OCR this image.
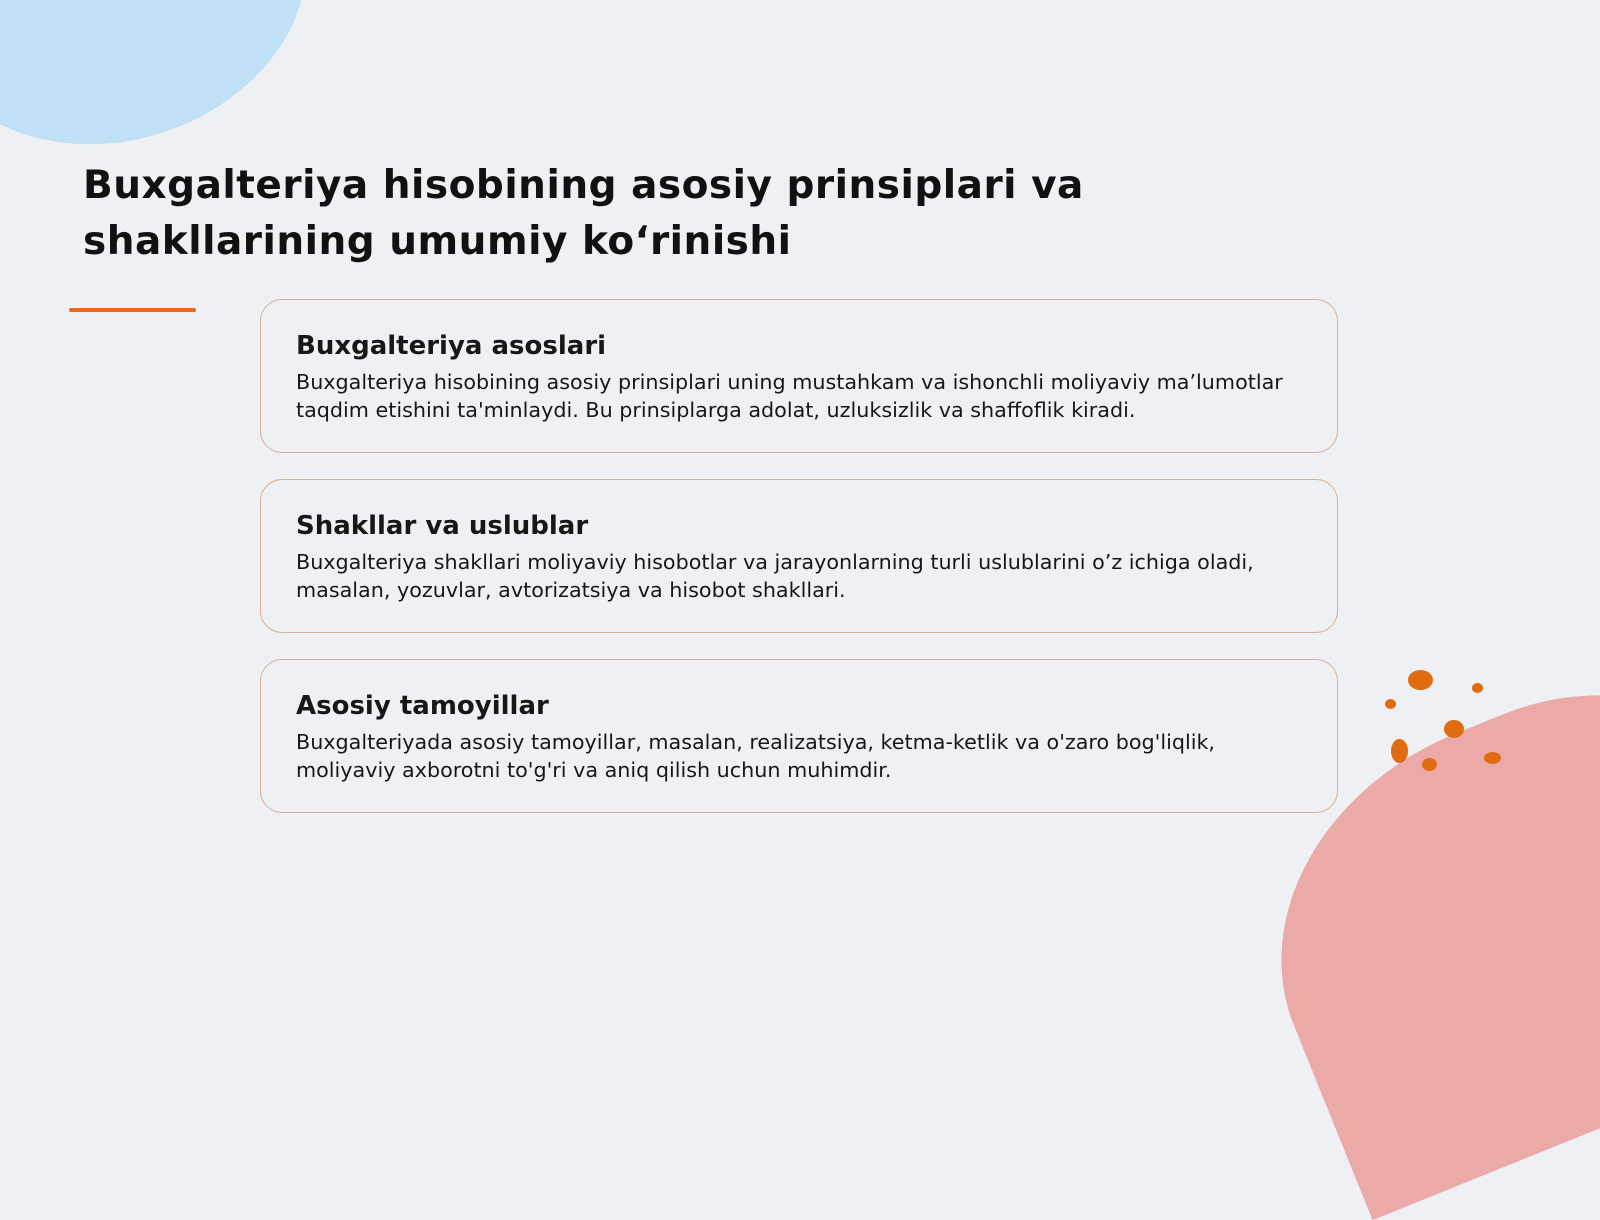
Buxgalteriya hisobining asosiy prinsiplari va shakllarining umumiy ko‘rinishi
Buxgalteriya asoslari

Buxgalteriya hisobining asosiy prinsiplari uning mustahkam va ishonchli moliyaviy ma’lumotlar taqdim etishini ta'minlaydi. Bu prinsiplarga adolat, uzluksizlik va shaffoflik kiradi.

Shakllar va uslublar

Buxgalteriya shakllari moliyaviy hisobotlar va jarayonlarning turli uslublarini o’z ichiga oladi, masalan, yozuvlar, avtorizatsiya va hisobot shakllari.

Asosiy tamoyillar

Buxgalteriyada asosiy tamoyillar, masalan, realizatsiya, ketma-ketlik va o'zaro bog'liqlik, moliyaviy axborotni to'g'ri va aniq qilish uchun muhimdir.
